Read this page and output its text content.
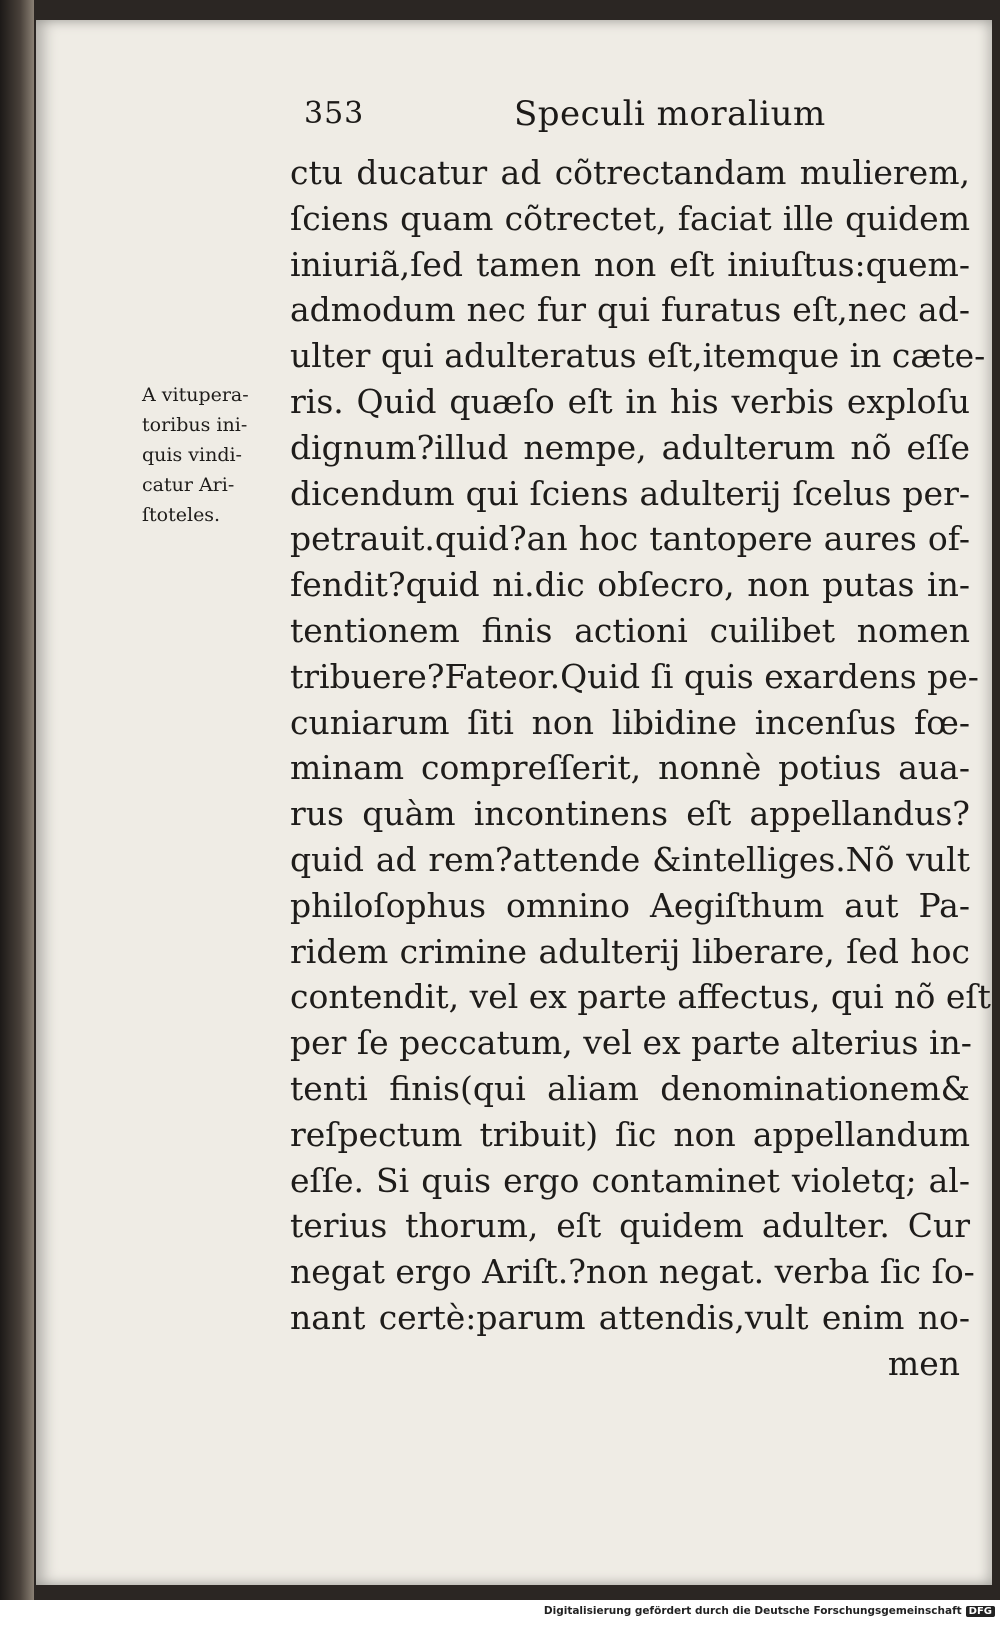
353	Speculi moralium
A vitupera-
toribus ini-
quis vindi-
catur Ari-
ſtoteles.
ctu ducatur ad cõtrectandam mulierem,
ſciens quam cõtrectet, faciat ille quidem
iniuriã,ſed tamen non eſt iniuſtus:quem-
admodum nec fur qui furatus eſt,nec ad-
ulter qui adulteratus eſt,itemque in cæte-
ris. Quid quæſo eſt in his verbis exploſu
dignum?illud nempe, adulterum nõ eſſe
dicendum qui ſciens adulterij ſcelus per-
petrauit.quid?an hoc tantopere aures of-
fendit?quid ni.dic obſecro, non putas in-
tentionem finis actioni cuilibet nomen
tribuere?Fateor.Quid ſi quis exardens pe-
cuniarum ſiti non libidine incenſus fœ-
minam compreſſerit, nonnè potius aua-
rus quàm incontinens eſt appellandus?
quid ad rem?attende &intelliges.Nõ vult
philoſophus omnino Aegiſthum aut Pa-
ridem crimine adulterij liberare, ſed hoc
contendit, vel ex parte affectus, qui nõ eſt
per ſe peccatum, vel ex parte alterius in-
tenti finis(qui aliam denominationem&
reſpectum tribuit) ſic non appellandum
eſſe. Si quis ergo contaminet violetq; al-
terius thorum, eſt quidem adulter. Cur
negat ergo Ariſt.?non negat. verba ſic ſo-
nant certè:parum attendis,vult enim no-
men
Digitalisierung gefördert durch die Deutsche Forschungsgemeinschaft DFG
